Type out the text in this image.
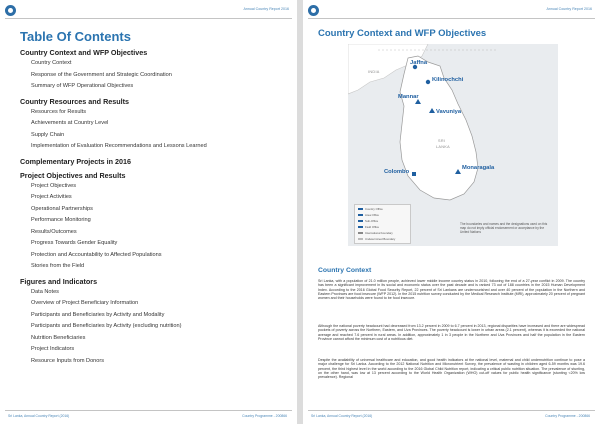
Annual Country Report 2016
Table Of Contents
Country Context and WFP Objectives
Country Context
Response of the Government and Strategic Coordination
Summary of WFP Operational Objectives
Country Resources and Results
Resources for Results
Achievements at Country Level
Supply Chain
Implementation of Evaluation Recommendations and Lessons Learned
Complementary Projects in 2016
Project Objectives and Results
Project Objectives
Project Activities
Operational Partnerships
Performance Monitoring
Results/Outcomes
Progress Towards Gender Equality
Protection and Accountability to Affected Populations
Stories from the Field
Figures and Indicators
Data Notes
Overview of Project Beneficiary Information
Participants and Beneficiaries by Activity and Modality
Participants and Beneficiaries by Activity (excluding nutrition)
Nutrition Beneficiaries
Project Indicators
Resource Inputs from Donors
Sri Lanka, Annual Country Report (2016)	Country Programme - 200866
Annual Country Report 2016
Country Context and WFP Objectives
INDIA
SRI
LANKA
Jaffna
Kilinochchi
Mannar
Vavuniya
Colombo
Monaragala
Country Office
Area Office
Sub-Office
Field Office
International boundary
Undetermined Boundary
The boundaries and names and the designations used on this map do not imply official endorsement or acceptance by the United Nations
Country Context

Sri Lanka, with a population of 21.0 million people, achieved lower middle income country status in 2010, following the end of a 27-year conflict in 2009. The country has been a significant improvement in its social and economic status over the past decade and is ranked 73 out of 188 countries in the 2015 Human Development Index. According to the 2016 Global Food Security Report, 22 percent of Sri Lankans are undernourished and over 40 percent of the population in the Northern and Eastern Provinces are food insecure (WFP 2012). In the 2015 nutrition survey conducted by the Medical Research Institute (MRI), approximately 20 percent of pregnant women and their households were found to be food insecure.

Although the national poverty headcount had decreased from 13.2 percent in 2009 to 6.7 percent in 2013, regional disparities have increased and there are widespread pockets of poverty across the Northern, Eastern, and Uva Provinces. The poverty headcount is lower in urban areas (2.1 percent), whereas it is exceeded the national average and reached 7.6 percent in rural areas. In addition, approximately 1 in 3 people in the Northern and Uva Provinces and half the population in the Eastern Province cannot afford the minimum cost of a nutritious diet.

Despite the availability of universal healthcare and education, and good health indicators at the national level, maternal and child undernutrition continue to pose a major challenge for Sri Lanka. According to the 2012 National Nutrition and Micronutrient Survey, the prevalence of wasting in children aged 6-59 months was 19.6 percent, the third highest level in the world according to the 2016 Global Child Nutrition report, indicating a critical public nutrition situation. The prevalence of stunting, on the other hand, was low at 13 percent according to the World Health Organization (WHO) cut-off values for public health significance (stunting <20% low prevalence). Regional

Sri Lanka, Annual Country Report (2016)	Country Programme - 200866
